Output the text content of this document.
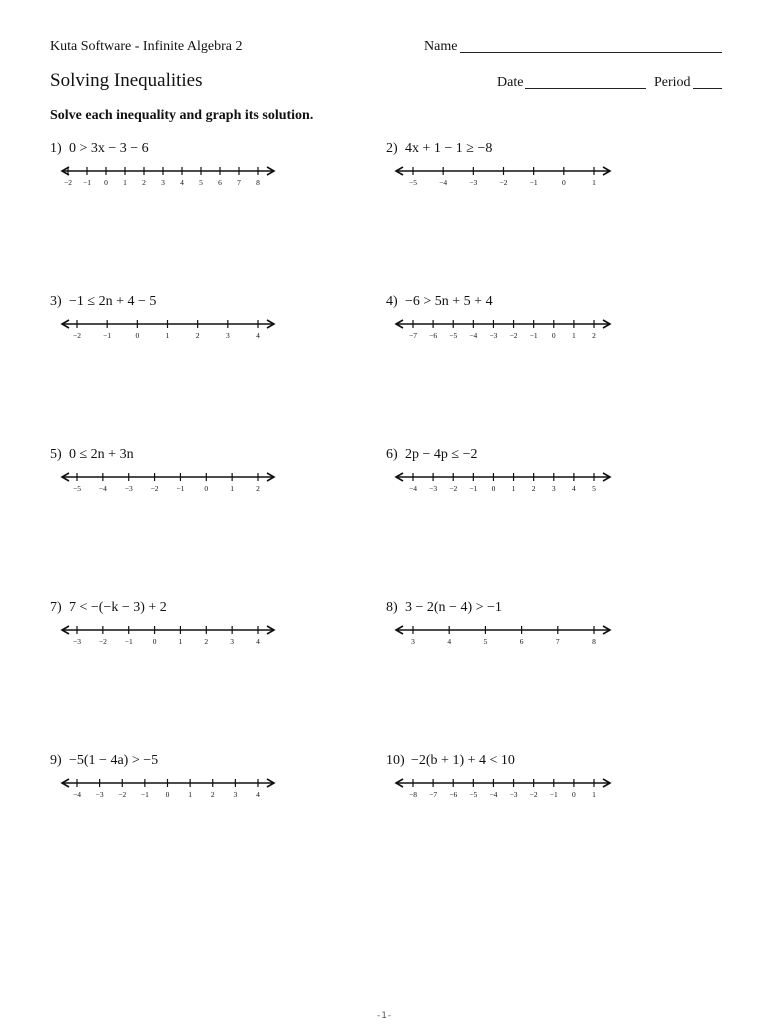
Kuta Software - Infinite Algebra 2	Name
Solving Inequalities	Date	Period
Solve each inequality and graph its solution.
1) 0 > 3x − 3 − 6
−2 −1 0 1 2 3 4 5 6 7 8
2) 4x + 1 − 1 ≥ −8
−5	−4	−3	−2	−1	0	1
3) −1 ≤ 2n + 4 − 5
−2	−1	0	1	2	3	4
4) −6 > 5n + 5 + 4
−7 −6 −5 −4 −3 −2 −1 0 1 2
5) 0 ≤ 2n + 3n
−5 −4 −3 −2 −1	0	1	2
6) 2p − 4p ≤ −2
−4 −3 −2 −1 0 1 2 3 4 5
7) 7 < −(−k − 3) + 2
−3 −2 −1	0	1	2	3	4
8) 3 − 2(n − 4) > −1
3	4	5	6	7	8
9) −5(1 − 4a) > −5
−4 −3 −2 −1 0	1	2	3	4
10) −2(b + 1) + 4 < 10
−8 −7 −6 −5 −4 −3 −2 −1 0 1
-1-
